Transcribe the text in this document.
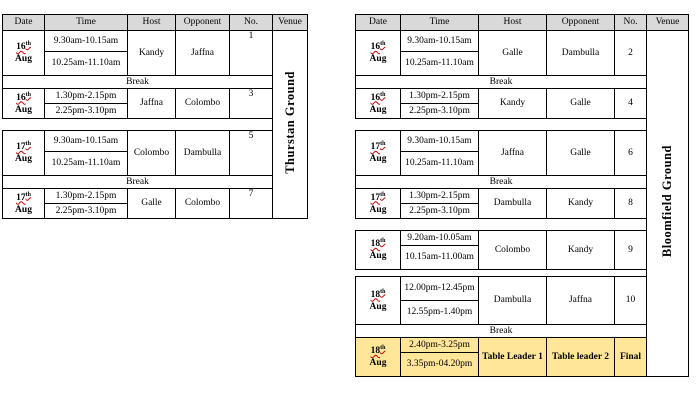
Date	Time	Host	Opponent	No.	Venue
16th
Aug	9.30am-10.15am	Kandy	Jaffna	1	Thurstan Ground
	10.25am-11.10am				
Break					
16th
Aug	1.30pm-2.15pm	Jaffna	Colombo	3	
	2.25pm-3.10pm				

17th
Aug	9.30am-10.15am	Colombo	Dambulla	5	
	10.25am-11.10am				
Break					
17th
Aug	1.30pm-2.15pm	Galle	Colombo	7	
	2.25pm-3.10pm				
Date	Time	Host	Opponent	No.	Venue
16th
Aug	9.30am-10.15am	Galle	Dambulla	2	Bloomfield Ground
	10.25am-11.10am				
Break					
16th
Aug	1.30pm-2.15pm	Kandy	Galle	4	
	2.25pm-3.10pm				

17th
Aug	9.30am-10.15am	Jaffna	Galle	6	
	10.25am-11.10am				
Break					
17th
Aug	1.30pm-2.15pm	Dambulla	Kandy	8	
	2.25pm-3.10pm				

18th
Aug	9.20am-10.05am	Colombo	Kandy	9	
	10.15am-11.00am				

18th
Aug	12.00pm-12.45pm	Dambulla	Jaffna	10	
	12.55pm-1.40pm				
Break					
18th
Aug	2.40pm-3.25pm	Table Leader 1	Table leader 2	Final	
	3.35pm-04.20pm				
